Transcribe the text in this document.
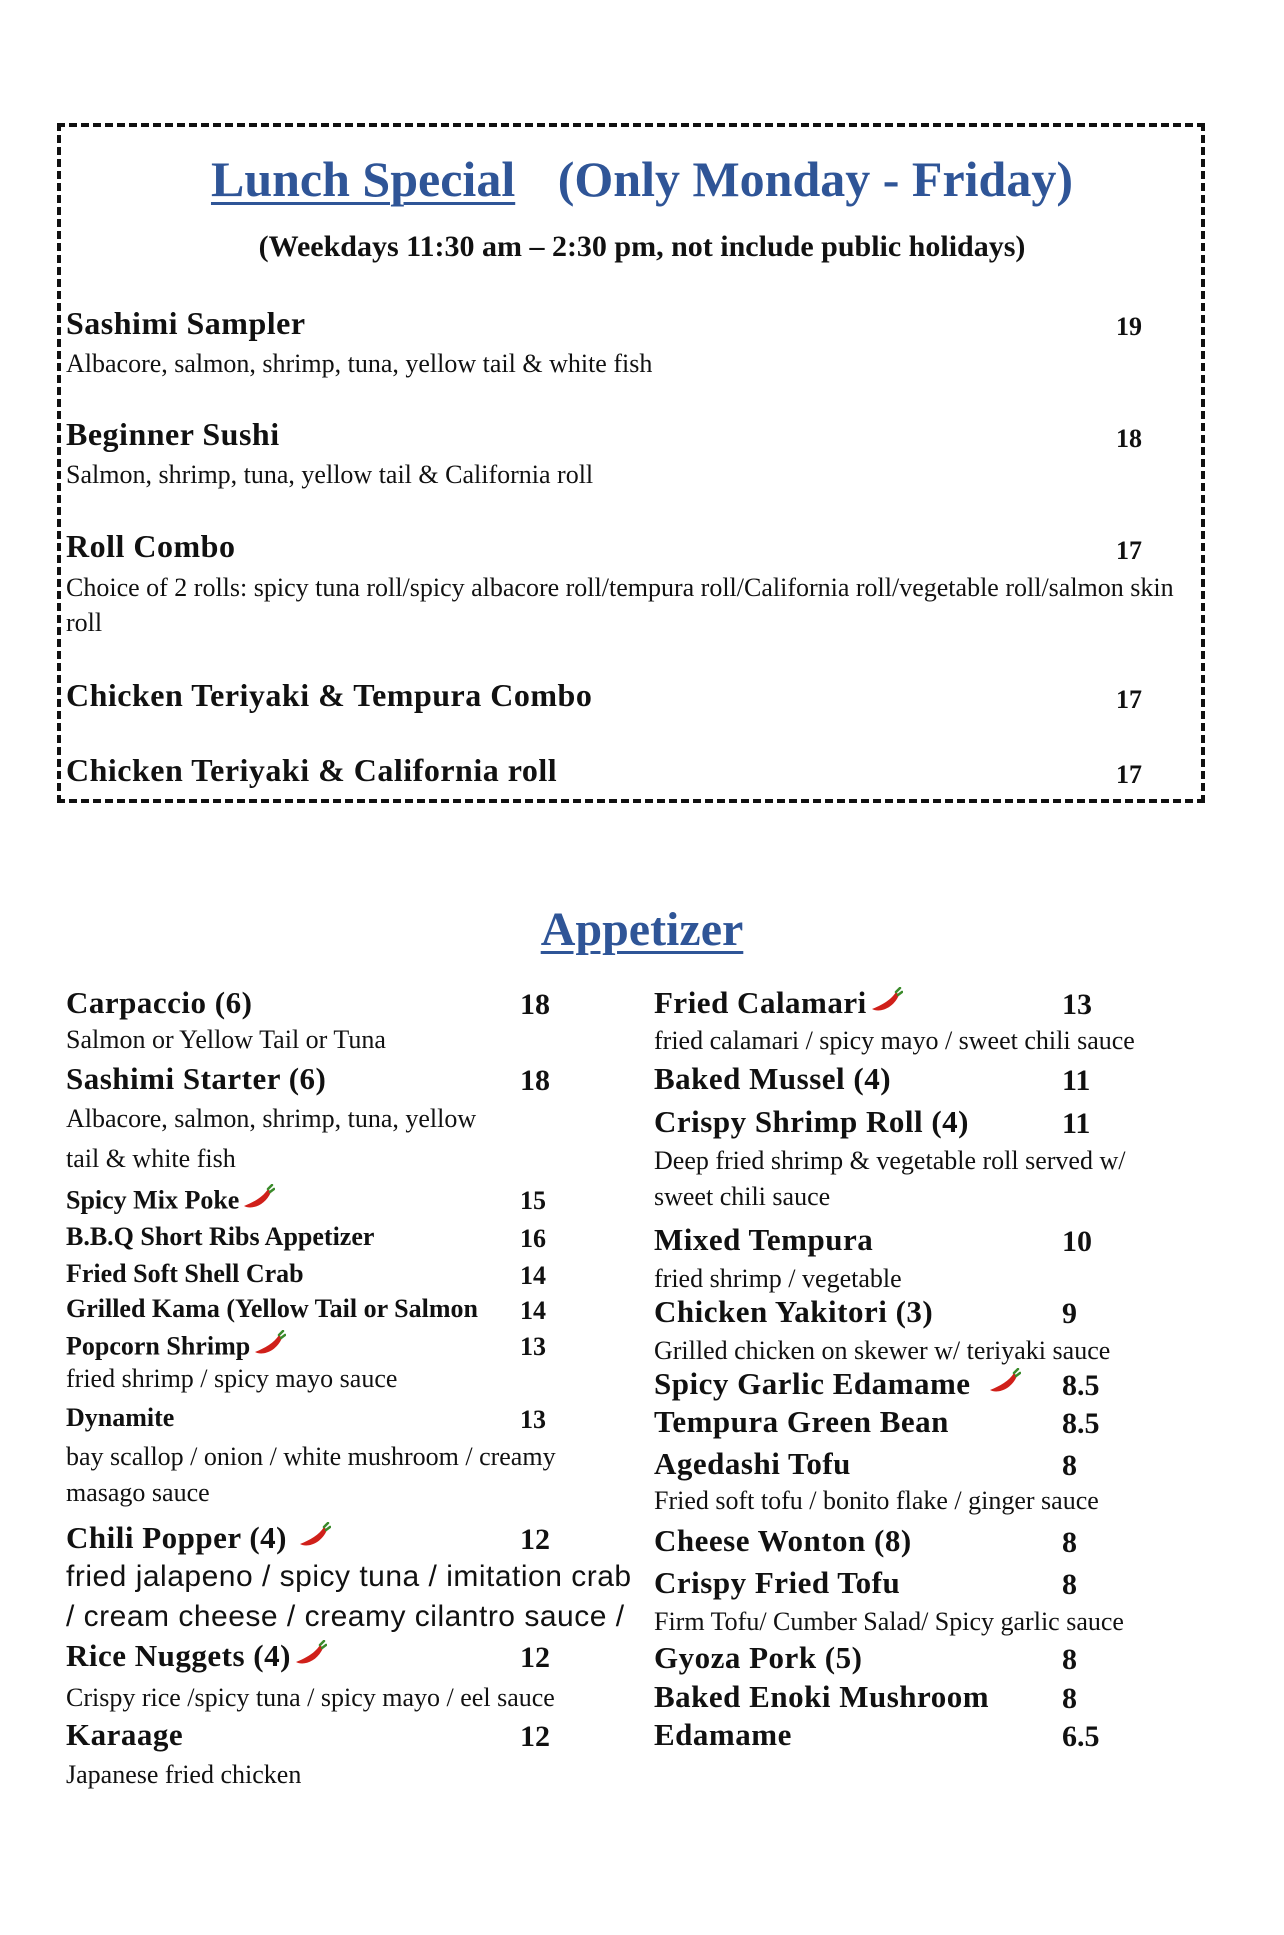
Lunch Special (Only Monday - Friday)
(Weekdays 11:30 am – 2:30 pm, not include public holidays)
Sashimi Sampler	19
Albacore, salmon, shrimp, tuna, yellow tail & white fish
Beginner Sushi	18
Salmon, shrimp, tuna, yellow tail & California roll
Roll Combo	17
Choice of 2 rolls: spicy tuna roll/spicy albacore roll/tempura roll/California roll/vegetable roll/salmon skin roll
Chicken Teriyaki & Tempura Combo	17
Chicken Teriyaki & California roll	17
Appetizer
Carpaccio (6)	18
Salmon or Yellow Tail or Tuna
Sashimi Starter (6)	18
Albacore, salmon, shrimp, tuna, yellow
tail & white fish
Spicy Mix Poke	15
B.B.Q Short Ribs Appetizer	16
Fried Soft Shell Crab	14
Grilled Kama (Yellow Tail or Salmon 14
Popcorn Shrimp	13
fried shrimp / spicy mayo sauce
Dynamite	13
bay scallop / onion / white mushroom / creamy
masago sauce
Chili Popper (4)	12
fried jalapeno / spicy tuna / imitation crab
/ cream cheese / creamy cilantro sauce /
Rice Nuggets (4)	12
Crispy rice /spicy tuna / spicy mayo / eel sauce
Karaage	12
Japanese fried chicken
Fried Calamari	13
fried calamari / spicy mayo / sweet chili sauce
Baked Mussel (4)	11
Crispy Shrimp Roll (4)	11
Deep fried shrimp & vegetable roll served w/
sweet chili sauce
Mixed Tempura	10
fried shrimp / vegetable
Chicken Yakitori (3)	9
Grilled chicken on skewer w/ teriyaki sauce
Spicy Garlic Edamame	8.5
Tempura Green Bean	8.5
Agedashi Tofu	8
Fried soft tofu / bonito flake / ginger sauce
Cheese Wonton (8)	8
Crispy Fried Tofu	8
Firm Tofu/ Cumber Salad/ Spicy garlic sauce
Gyoza Pork (5)	8
Baked Enoki Mushroom 8
Edamame	6.5
